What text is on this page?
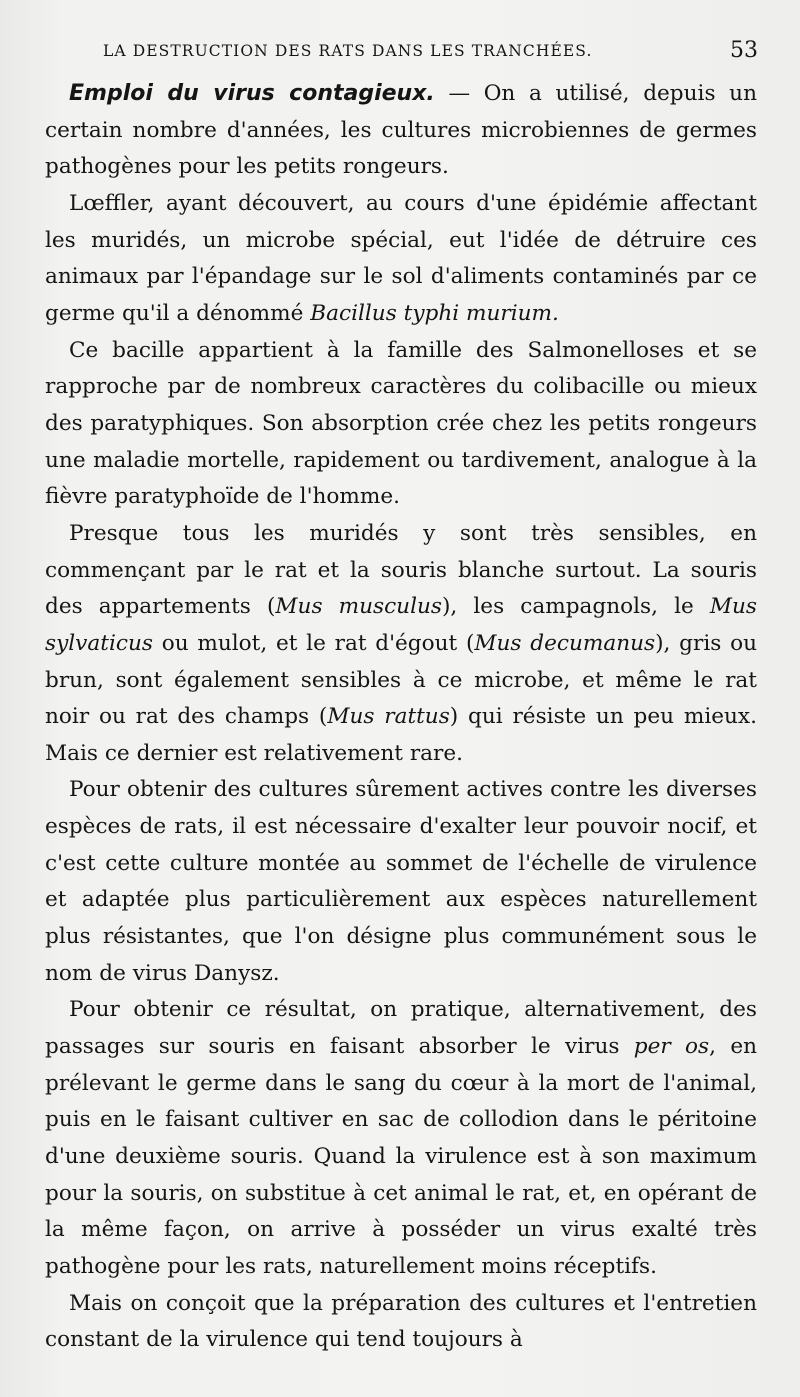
LA DESTRUCTION DES RATS DANS LES TRANCHÉES.	53

Emploi du virus contagieux. — On a utilisé, depuis un certain nombre d'années, les cultures microbiennes de germes pathogènes pour les petits rongeurs.

Lœffler, ayant découvert, au cours d'une épidémie affectant les muridés, un microbe spécial, eut l'idée de détruire ces animaux par l'épandage sur le sol d'aliments contaminés par ce germe qu'il a dénommé Bacillus typhi murium.

Ce bacille appartient à la famille des Salmonelloses et se rapproche par de nombreux caractères du colibacille ou mieux des paratyphiques. Son absorption crée chez les petits rongeurs une maladie mortelle, rapidement ou tardivement, analogue à la fièvre paratyphoïde de l'homme.

Presque tous les muridés y sont très sensibles, en commençant par le rat et la souris blanche surtout. La souris des appartements (Mus musculus), les campagnols, le Mus sylvaticus ou mulot, et le rat d'égout (Mus decumanus), gris ou brun, sont également sensibles à ce microbe, et même le rat noir ou rat des champs (Mus rattus) qui résiste un peu mieux. Mais ce dernier est relativement rare.

Pour obtenir des cultures sûrement actives contre les diverses espèces de rats, il est nécessaire d'exalter leur pouvoir nocif, et c'est cette culture montée au sommet de l'échelle de virulence et adaptée plus particulièrement aux espèces naturellement plus résistantes, que l'on désigne plus communément sous le nom de virus Danysz.

Pour obtenir ce résultat, on pratique, alternativement, des passages sur souris en faisant absorber le virus per os, en prélevant le germe dans le sang du cœur à la mort de l'animal, puis en le faisant cultiver en sac de collodion dans le péritoine d'une deuxième souris. Quand la virulence est à son maximum pour la souris, on substitue à cet animal le rat, et, en opérant de la même façon, on arrive à posséder un virus exalté très pathogène pour les rats, naturellement moins réceptifs.

Mais on conçoit que la préparation des cultures et l'entretien constant de la virulence qui tend toujours à
